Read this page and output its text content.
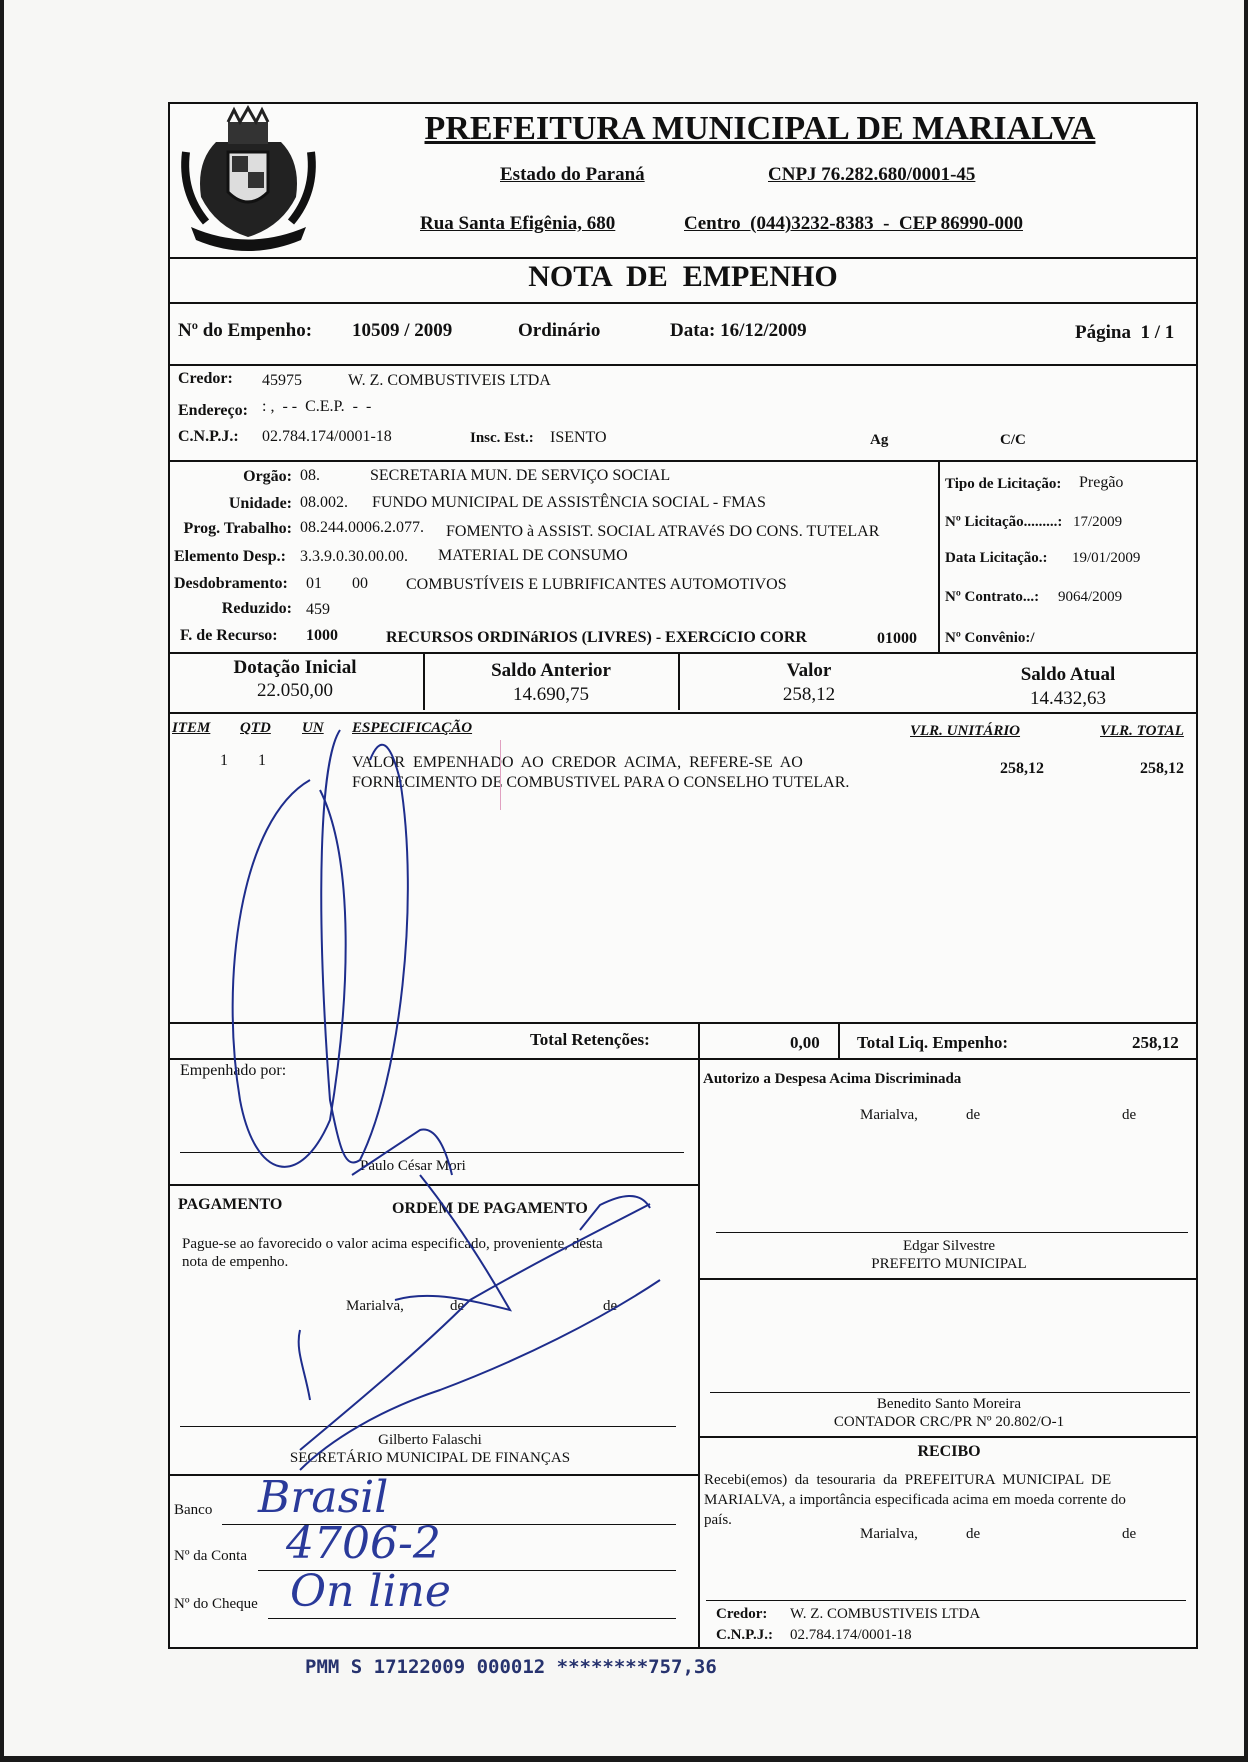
PREFEITURA MUNICIPAL DE MARIALVA
Estado do Paraná	CNPJ 76.282.680/0001-45
Rua Santa Efigênia, 680	Centro  (044)3232-8383  -  CEP 86990-000
NOTA  DE  EMPENHO
Nº do Empenho: 10509 / 2009	Ordinário	Data: 16/12/2009	Página  1 / 1
Credor: 45975	W. Z. COMBUSTIVEIS LTDA
Endereço: : ,  - -  C.E.P.  -  -
C.N.P.J.: 02.784.174/0001-18	Insc. Est.: ISENTO	Ag	C/C
Orgão: 08.	SECRETARIA MUN. DE SERVIÇO SOCIAL
Unidade: 08.002. FUNDO MUNICIPAL DE ASSISTÊNCIA SOCIAL - FMAS
Prog. Trabalho: 08.244.0006.2.077. FOMENTO à ASSIST. SOCIAL ATRAVéS DO CONS. TUTELAR
Elemento Desp.: 3.3.9.0.30.00.00. MATERIAL DE CONSUMO
Desdobramento: 01 00 COMBUSTÍVEIS E LUBRIFICANTES AUTOMOTIVOS
Reduzido: 459
F. de Recurso: 1000	RECURSOS ORDINáRIOS (LIVRES) - EXERCíCIO CORR	01000
Tipo de Licitação: Pregão
Nº Licitação.........: 17/2009
Data Licitação.: 19/01/2009
Nº Contrato...: 9064/2009
Nº Convênio:/
Dotação Inicial
22.050,00
Saldo Anterior
14.690,75
Valor
258,12
Saldo Atual
14.432,63
ITEM QTD UN ESPECIFICAÇÃO	VLR. UNITÁRIO	VLR. TOTAL
1 1	VALOR  EMPENHADO  AO  CREDOR  ACIMA,  REFERE-SE  AO
FORNECIMENTO DE COMBUSTIVEL PARA O CONSELHO TUTELAR.
258,12	258,12
Total Retenções:	0,00 Total Liq. Empenho:	258,12
Empenhado por:
Paulo César Mori
Autorizo a Despesa Acima Discriminada
Marialva,	de	de
Edgar Silvestre
PREFEITO MUNICIPAL
PAGAMENTO	ORDEM DE PAGAMENTO
Pague-se ao favorecido o valor acima especificado, proveniente, desta
nota de empenho.
Marialva,	de	de
Gilberto Falaschi
SECRETÁRIO MUNICIPAL DE FINANÇAS
Benedito Santo Moreira
CONTADOR CRC/PR Nº 20.802/O-1
RECIBO
Recebi(emos)  da  tesouraria  da  PREFEITURA  MUNICIPAL  DE
MARIALVA, a importância especificada acima em moeda corrente do
país.
Marialva,	de	de
Credor: W. Z. COMBUSTIVEIS LTDA
C.N.P.J.: 02.784.174/0001-18
Banco Brasil
Nº da Conta 4706-2
Nº do Cheque On line
PMM S 17122009 000012 ********757,36
